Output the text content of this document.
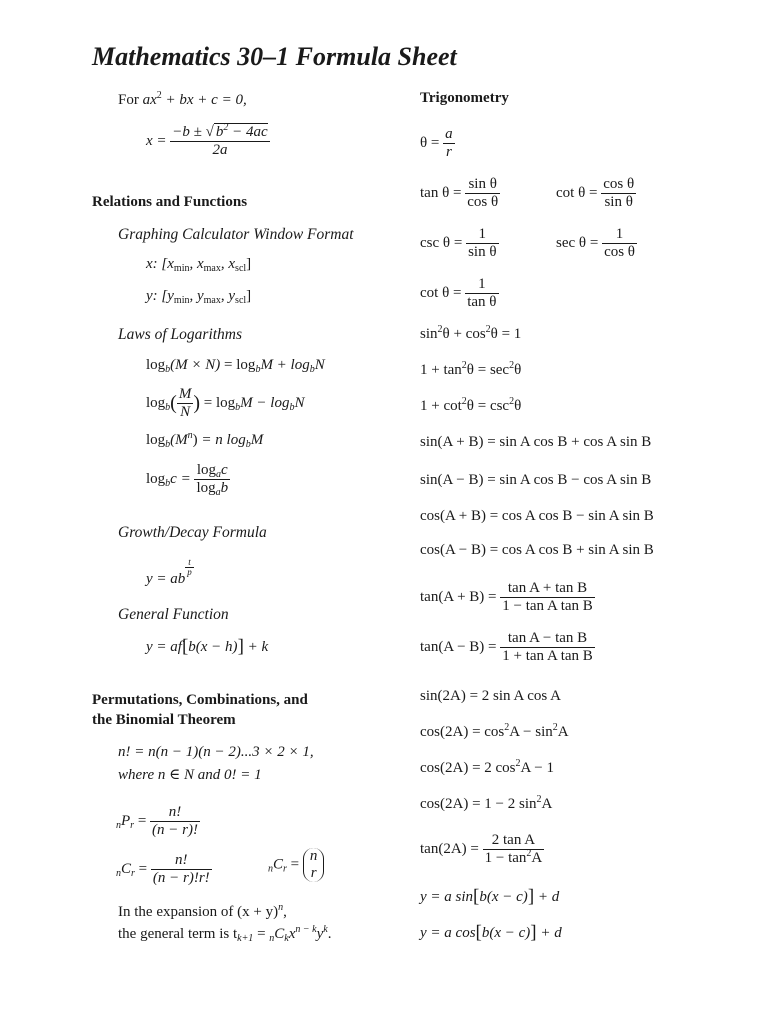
Mathematics 30–1 Formula Sheet
For $ax^2$ + bx + c = 0,
$x = \frac{-b \pm √ b^2 - 4ac}{2a}$
Relations and Functions
Graphing Calculator Window Format
x: [$x_{min}$, $x_{max}$, $x_{scl}$]
y: [$y_{min}$, $y_{max}$, $y_{scl}$]
Laws of Logarithms
$\log_b(M \times N) = \log_bM + \log_bN$
$\log_b( \frac{M}{N}$ ) = $\log_bM - \log_bN$
$\log_b(M^n) = n$ $\log_bM$
$\log_bc = \frac{\log_ac}{\log_ab}$
Growth/Decay Formula
y = ab
$\frac{t}{p}$
General Function
y = af[b(x − h)] + k
Permutations, Combinations, and
the Binomial Theorem
n! = n(n − 1)(n − 2)...3 × 2 × 1,
where n ∈ N and 0! = 1
$_nP_r = \frac{n!}{(n - r)!}$
$_nC_r = \frac{n!}{(n - r)!r!}$	$_nC_r$ =
n
r
In the expansion of $(x + y)^n$,
the general term is $t_{k+1} = _nC_kx^{n - k}y^k$.
Trigonometry
$\theta = \frac{a}{r}$
$\tan \theta = \frac{\text{sin θ}}{\text{cos θ}}$	$\cot \theta = \frac{\text{cos θ}}{\text{sin θ}}$
$\csc \theta = \frac{1}{\text{sin θ}}$	$\sec \theta = \frac{1}{\text{cos θ}}$
$\cot \theta = \frac{1}{\text{tan θ}}$
$\sin^2\theta + \cos^2\theta = 1$
$1 + \tan^2\theta = \sec^2\theta$
$1 + \cot^2\theta = \csc^2\theta$
sin(A + B) = sin A cos B + cos A sin B
sin(A − B) = sin A cos B − cos A sin B
cos(A + B) = cos A cos B − sin A sin B
cos(A − B) = cos A cos B + sin A sin B
$\tan(A + B) = \frac{\text{tan A + tan B}}{\text{1 − tan A tan B}}$
$\tan(A - B) = \frac{\text{tan A − tan B}}{\text{1 + tan A tan B}}$
sin(2A) = 2 sin A cos A
$\cos(2A) = \cos^2A - \sin^2A$
cos(2A) = 2 $\cos^2A - 1$
cos(2A) = 1 − 2 $\sin^2A$
$\tan(2A) = \frac{\text{2 tan A}}{1 - \tan^2A}$
y = a sin[b(x − c)] + d
y = a cos[b(x − c)] + d
